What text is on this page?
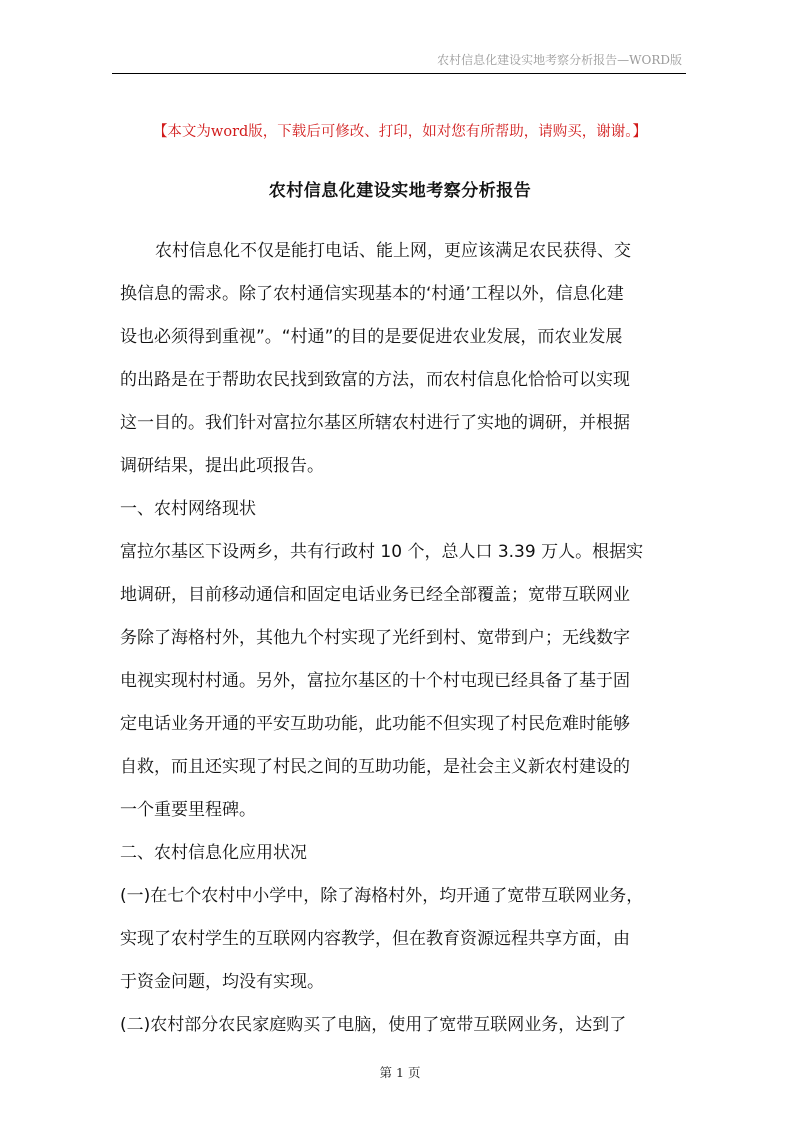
农村信息化建设实地考察分析报告—WORD版
【本文为word版，下载后可修改、打印，如对您有所帮助，请购买，谢谢。】
农村信息化建设实地考察分析报告
农村信息化不仅是能打电话、能上网，更应该满足农民获得、交
换信息的需求。除了农村通信实现基本的‘村通’工程以外，信息化建
设也必须得到重视”。“村通”的目的是要促进农业发展，而农业发展
的出路是在于帮助农民找到致富的方法，而农村信息化恰恰可以实现
这一目的。我们针对富拉尔基区所辖农村进行了实地的调研，并根据
调研结果，提出此项报告。
一、农村网络现状
富拉尔基区下设两乡，共有行政村 10 个，总人口 3.39 万人。根据实
地调研，目前移动通信和固定电话业务已经全部覆盖；宽带互联网业
务除了海格村外，其他九个村实现了光纤到村、宽带到户；无线数字
电视实现村村通。另外，富拉尔基区的十个村屯现已经具备了基于固
定电话业务开通的平安互助功能，此功能不但实现了村民危难时能够
自救，而且还实现了村民之间的互助功能，是社会主义新农村建设的
一个重要里程碑。
二、农村信息化应用状况
(一)在七个农村中小学中，除了海格村外，均开通了宽带互联网业务，
实现了农村学生的互联网内容教学，但在教育资源远程共享方面，由
于资金问题，均没有实现。
(二)农村部分农民家庭购买了电脑，使用了宽带互联网业务，达到了
第 1 页
